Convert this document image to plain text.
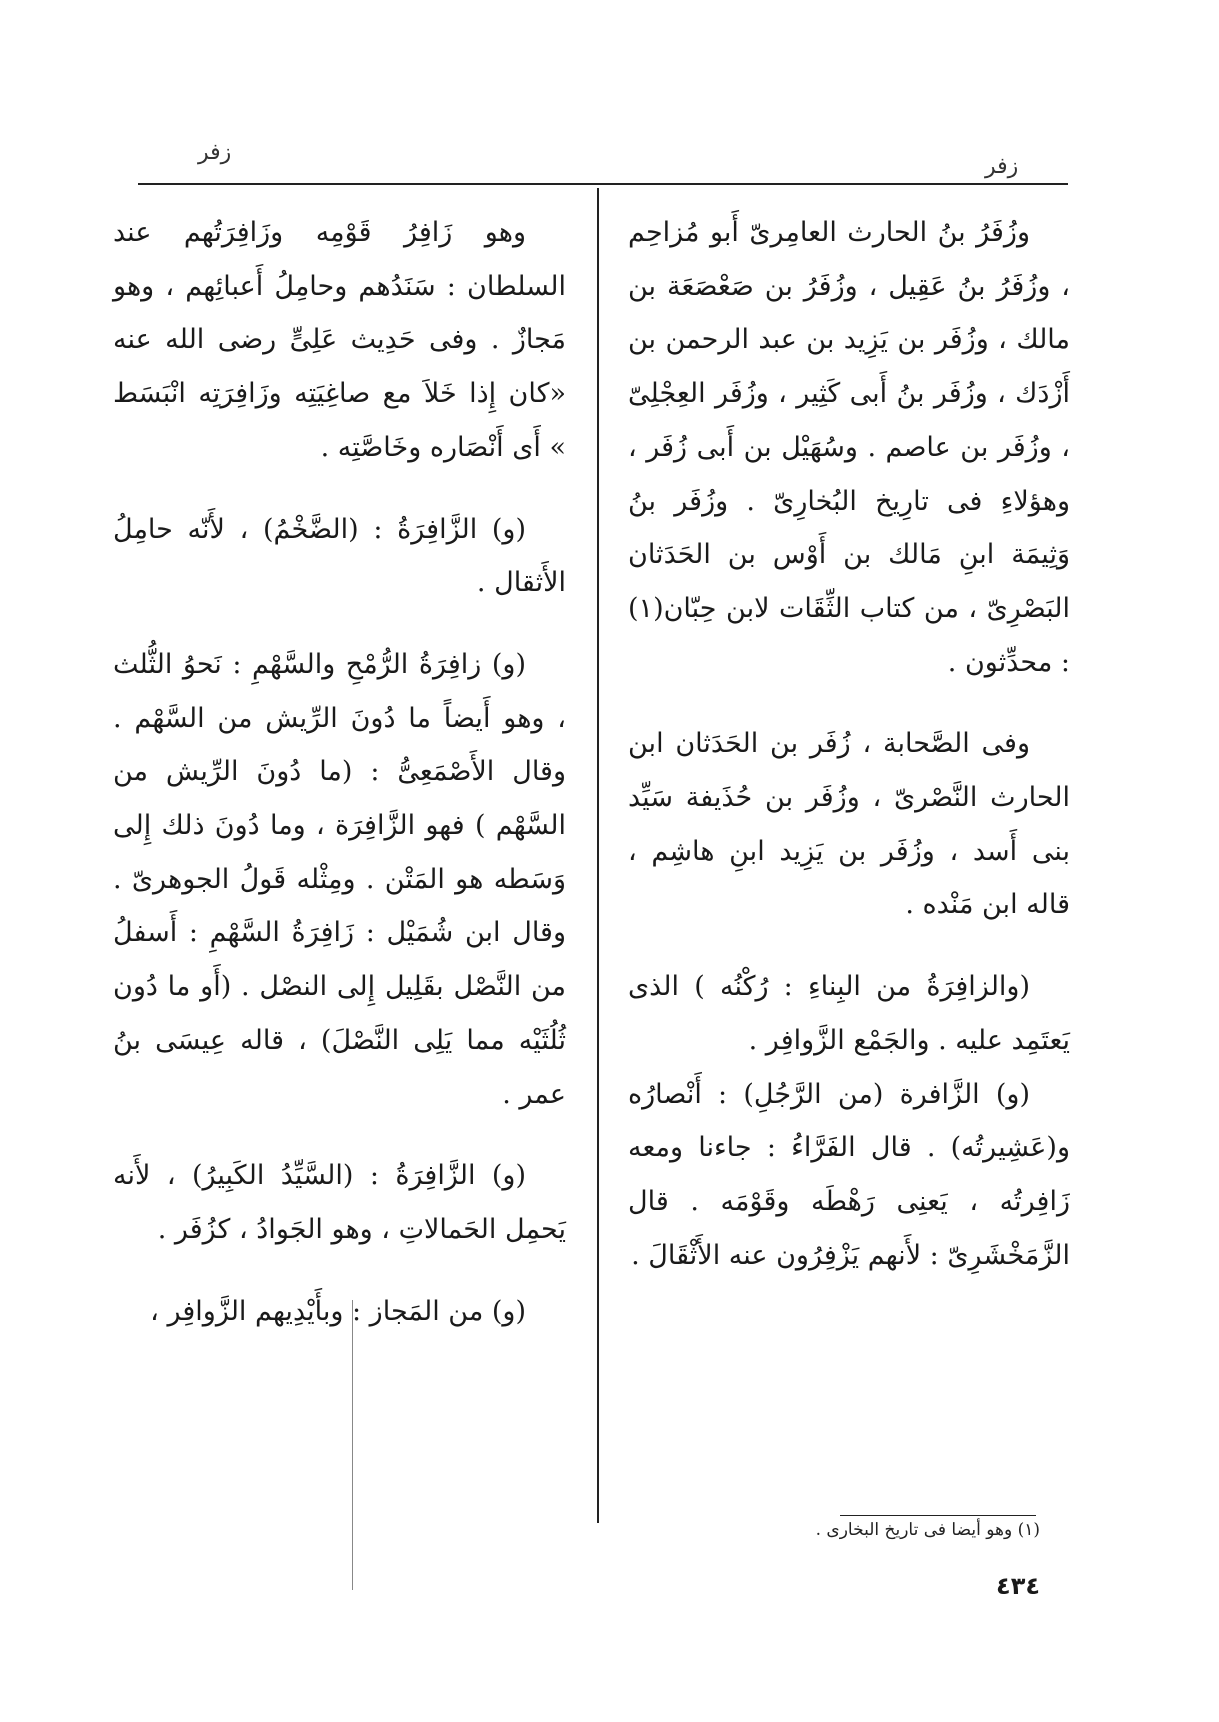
زفر
زفر

وزُفَرُ بنُ الحارث العامِرىّ أَبو مُزاحِم ، وزُفَرُ بنُ عَقِيل ، وزُفَرُ بن صَعْصَعَة بن مالك ، وزُفَر بن يَزِيد بن عبد الرحمن بن أَزْدَك ، وزُفَر بنُ أَبى كَثِير ، وزُفَر العِجْلِىّ ، وزُفَر بن عاصم . وسُهَيْل بن أَبى زُفَر ، وهؤلاءِ فى تارِيخ البُخارِىّ . وزُفَر بنُ وَثِيمَة ابنِ مَالك بن أَوْس بن الحَدَثان البَصْرِىّ ، من كتاب الثِّقَات لابن حِبّان(١) : محدِّثون .

وفى الصَّحابة ، زُفَر بن الحَدَثان ابن الحارث النَّصْرىّ ، وزُفَر بن حُذَيفة سَيِّد بنى أَسد ، وزُفَر بن يَزِيد ابنِ هاشِم ، قاله ابن مَنْده .

(والزافِرَةُ من البِناءِ : رُكْنُه ) الذى يَعتَمِد عليه . والجَمْع الزَّوافِر .

(و) الزَّافرة (من الرَّجُلِ) : أَنْصارُه و(عَشِيرتُه) . قال الفَرَّاءُ : جاءنا ومعه زَافِرتُه ، يَعنِى رَهْطَه وقَوْمَه . قال الزَّمَخْشَرِىّ : لأَنهم يَزْفِرُون عنه الأَثْقَالَ .

وهو زَافِرُ قَوْمِه وزَافِرَتُهم عند السلطان : سَنَدُهم وحامِلُ أَعبائِهم ، وهو مَجازٌ . وفى حَدِيث عَلِىٍّ رضى الله عنه «كان إِذا خَلاَ مع صاغِيَتِه وزَافِرَتِه انْبَسَط » أَى أَنْصَاره وخَاصَّتِه .

(و) الزَّافِرَةُ : (الضَّخْمُ) ، لأَنّه حامِلُ الأَثقال .

(و) زافِرَةُ الرُّمْحِ والسَّهْمِ : نَحوُ الثُّلث ، وهو أَيضاً ما دُونَ الرِّيش من السَّهْم . وقال الأَصْمَعِىُّ : (ما دُونَ الرِّيش من السَّهْم ) فهو الزَّافِرَة ، وما دُونَ ذلك إِلى وَسَطه هو المَتْن . ومِثْله قَولُ الجوهرىّ . وقال ابن شُمَيْل : زَافِرَةُ السَّهْمِ : أَسفلُ من النَّصْل بقَلِيل إِلى النصْل . (أَو ما دُون ثُلُثَيْه مما يَلِى النَّصْلَ) ، قاله عِيسَى بنُ عمر .

(و) الزَّافِرَةُ : (السَّيِّدُ الكَبِيرُ) ، لأَنه يَحمِل الحَمالاتِ ، وهو الجَوادُ ، كزُفَر .

(و) من المَجاز : وبأَيْدِيهم الزَّوافِر ،

(١) وهو أيضا فى تاريخ البخارى .
٤٣٤
